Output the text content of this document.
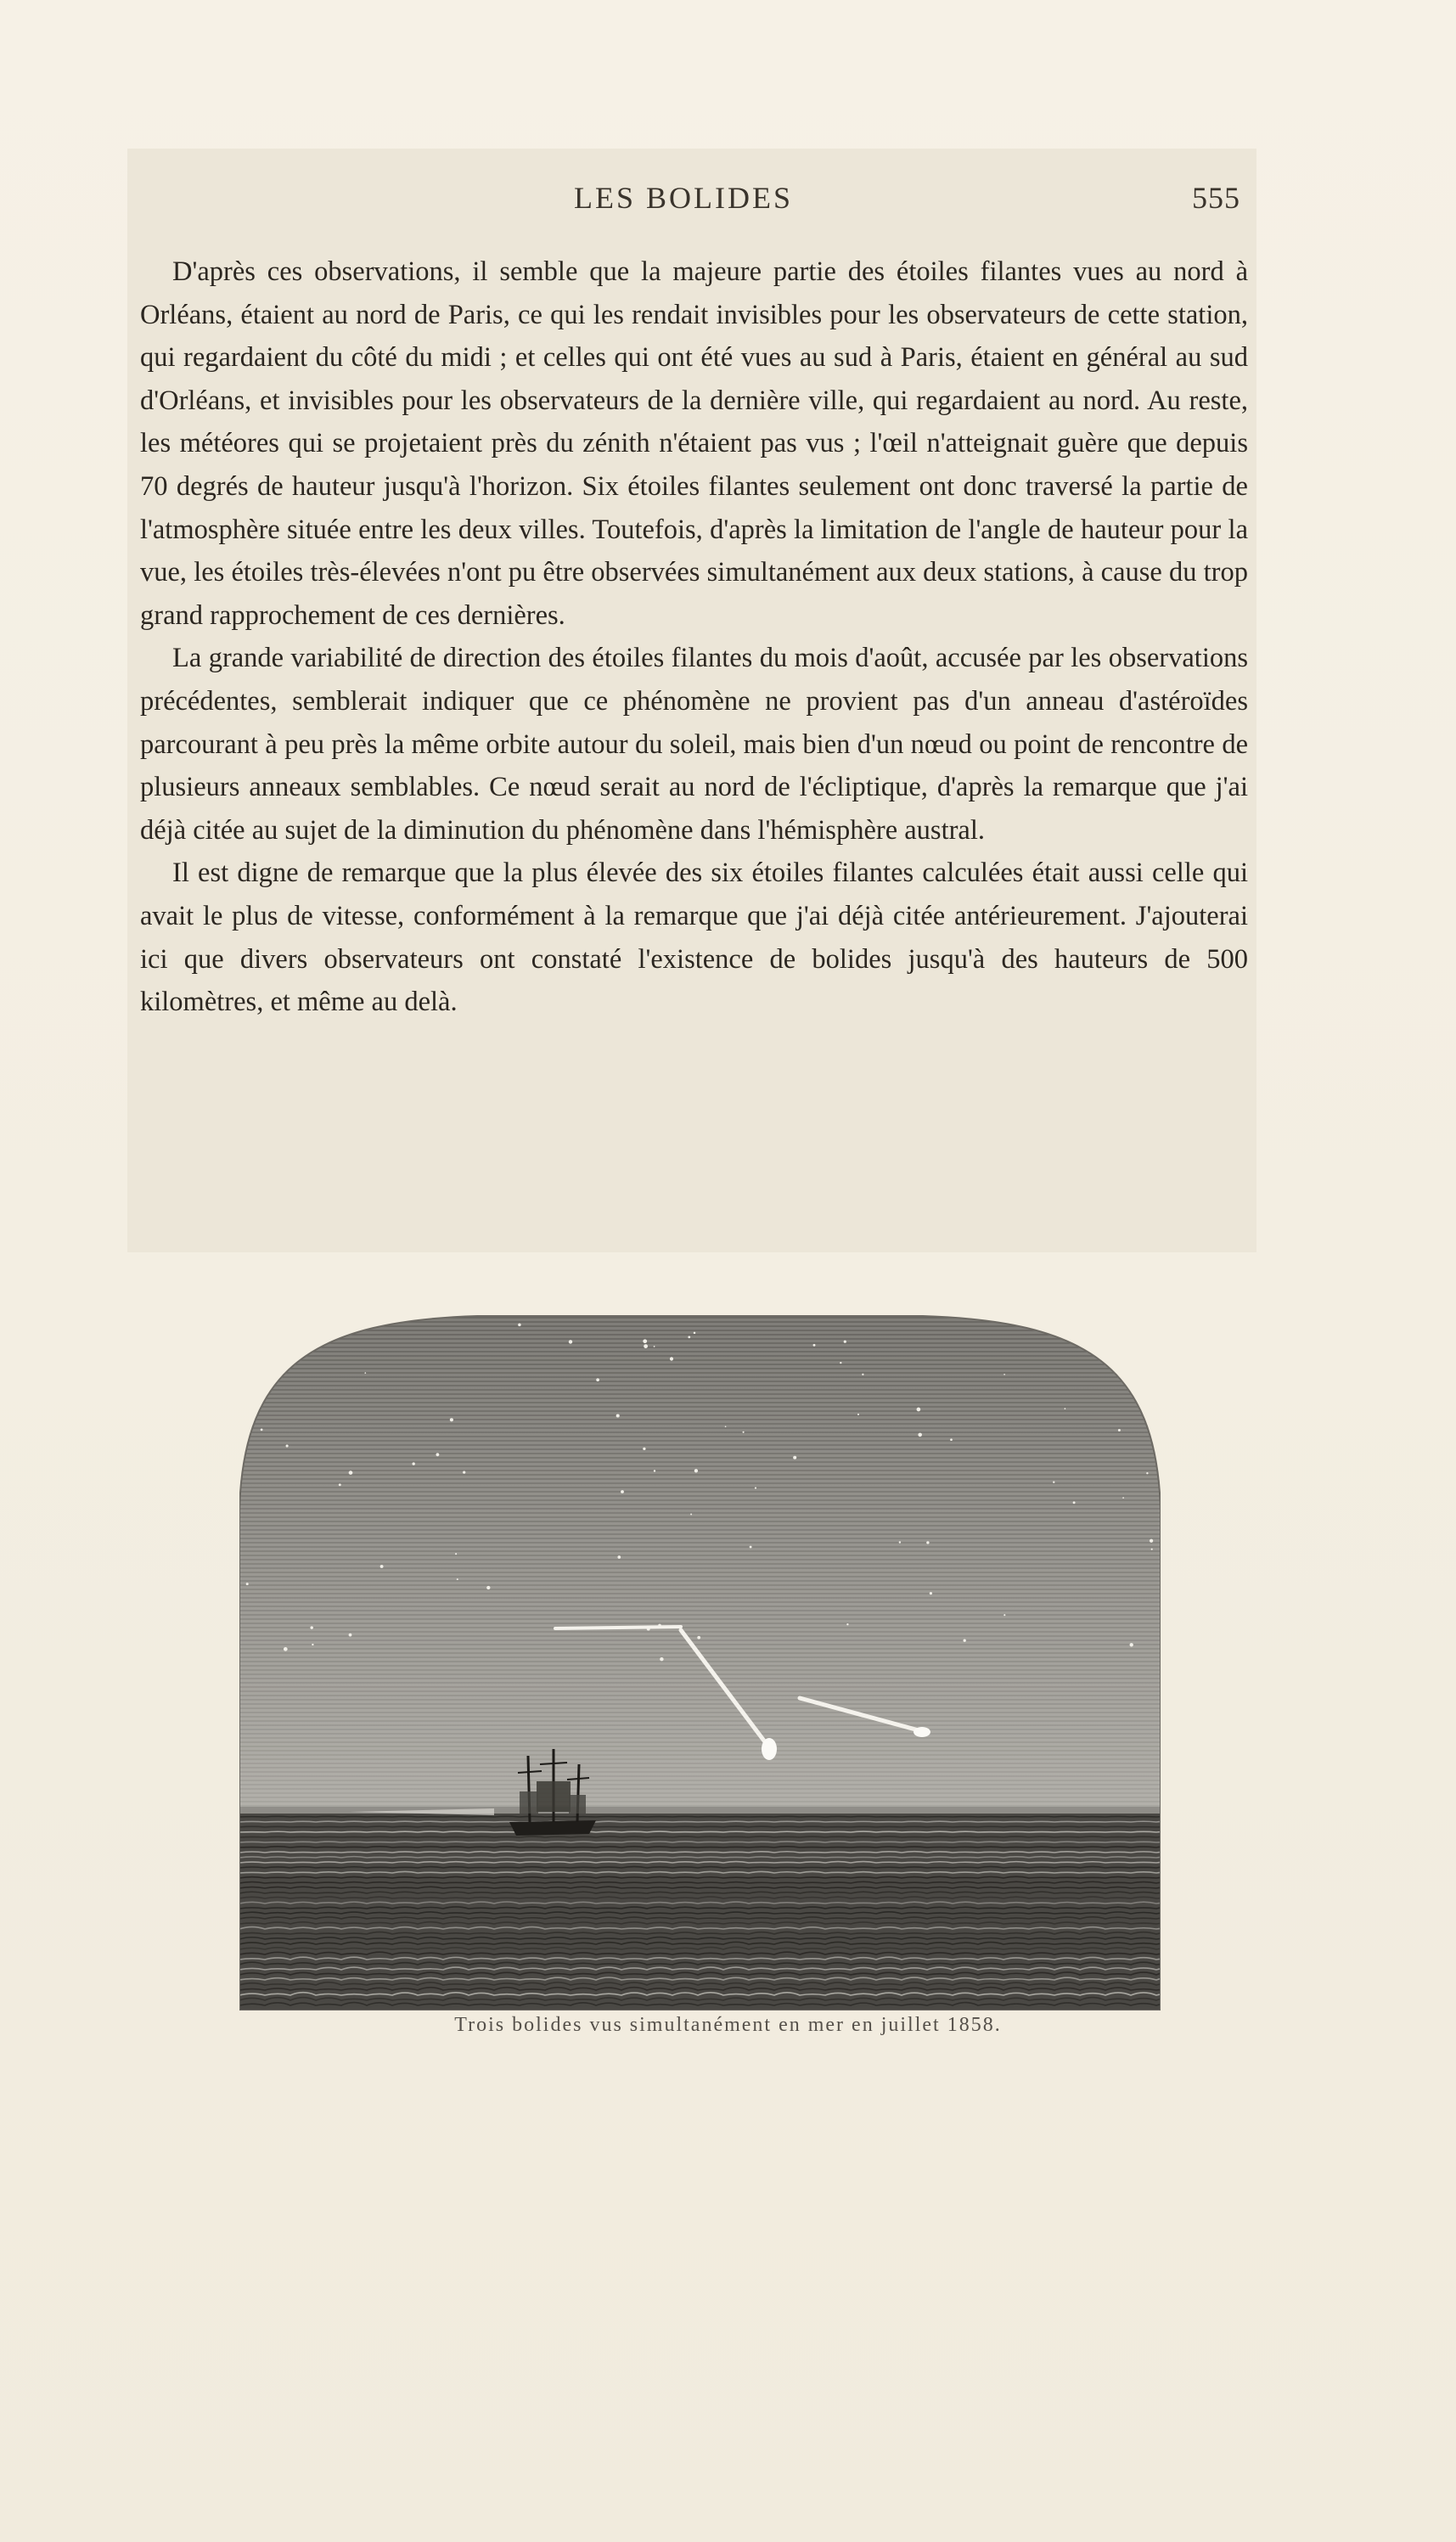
LES BOLIDES	555

D'après ces observations, il semble que la majeure partie des étoiles filantes vues au nord à Orléans, étaient au nord de Paris, ce qui les rendait invisibles pour les observateurs de cette station, qui regardaient du côté du midi ; et celles qui ont été vues au sud à Paris, étaient en général au sud d'Orléans, et invisibles pour les observateurs de la dernière ville, qui regardaient au nord. Au reste, les météores qui se projetaient près du zénith n'étaient pas vus ; l'œil n'atteignait guère que depuis 70 degrés de hauteur jusqu'à l'horizon. Six étoiles filantes seulement ont donc traversé la partie de l'atmosphère située entre les deux villes. Toutefois, d'après la limitation de l'angle de hauteur pour la vue, les étoiles très-élevées n'ont pu être observées simultanément aux deux stations, à cause du trop grand rapprochement de ces dernières.

La grande variabilité de direction des étoiles filantes du mois d'août, accusée par les observations précédentes, semblerait indiquer que ce phénomène ne provient pas d'un anneau d'astéroïdes parcourant à peu près la même orbite autour du soleil, mais bien d'un nœud ou point de rencontre de plusieurs anneaux semblables. Ce nœud serait au nord de l'écliptique, d'après la remarque que j'ai déjà citée au sujet de la diminution du phénomène dans l'hémisphère austral.

Il est digne de remarque que la plus élevée des six étoiles filantes calculées était aussi celle qui avait le plus de vitesse, conformément à la remarque que j'ai déjà citée antérieurement. J'ajouterai ici que divers observateurs ont constaté l'existence de bolides jusqu'à des hauteurs de 500 kilomètres, et même au delà.

Trois bolides vus simultanément en mer en juillet 1858.
